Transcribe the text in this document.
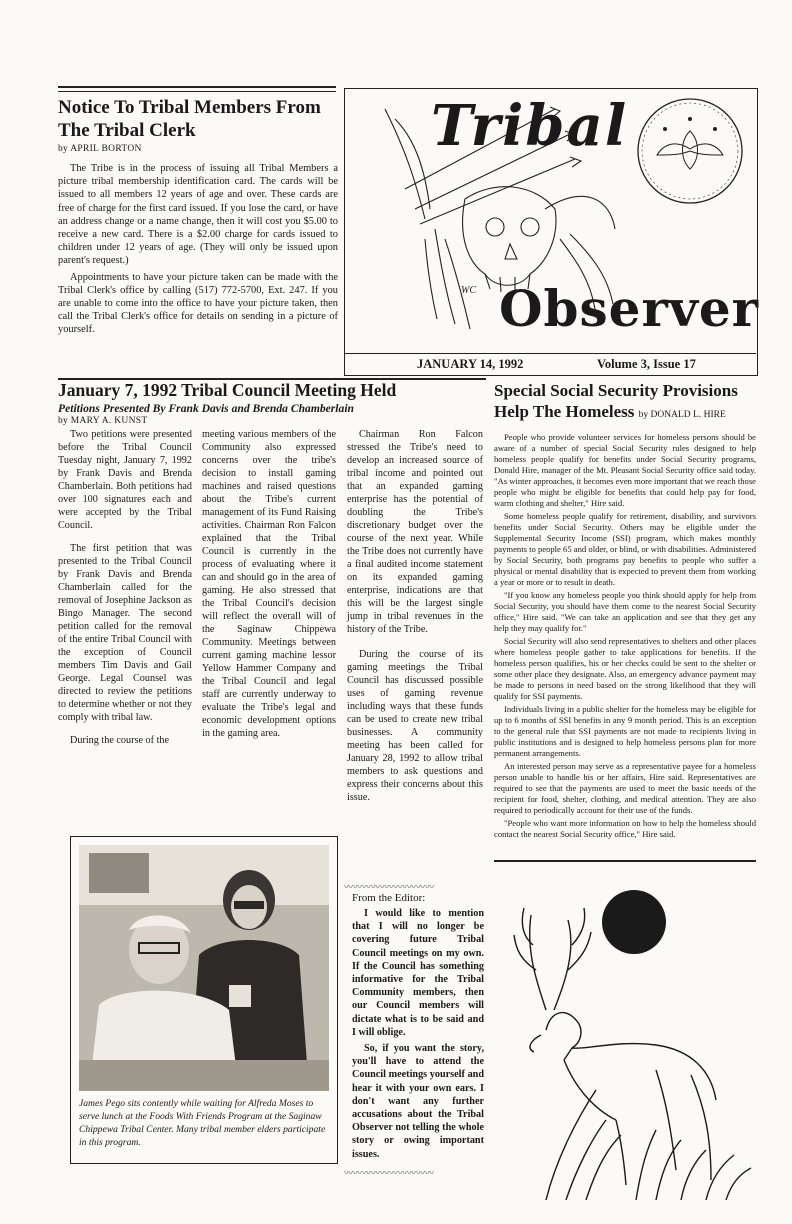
Notice To Tribal Members From The Tribal Clerk
by APRIL BORTON

The Tribe is in the process of issuing all Tribal Members a picture tribal membership identification card. The cards will be issued to all members 12 years of age and over. These cards are free of charge for the first card issued. If you lose the card, or have an address change or a name change, then it will cost you $5.00 to receive a new card. There is a $2.00 charge for cards issued to children under 12 years of age. (They will only be issued upon parent's request.)

Appointments to have your picture taken can be made with the Tribal Clerk's office by calling (517) 772-5700, Ext. 247. If you are unable to come into the office to have your picture taken, then call the Tribal Clerk's office for details on sending in a picture of yourself.

Tribal
Observer
WC
JANUARY 14, 1992	Volume 3, Issue 17
January 7, 1992 Tribal Council Meeting Held
Petitions Presented By Frank Davis and Brenda Chamberlain
by MARY A. KUNST

Two petitions were presented before the Tribal Council Tuesday night, January 7, 1992 by Frank Davis and Brenda Chamberlain. Both petitions had over 100 signatures each and were accepted by the Tribal Council.

The first petition that was presented to the Tribal Council by Frank Davis and Brenda Chamberlain called for the removal of Josephine Jackson as Bingo Manager. The second petition called for the removal of the entire Tribal Council with the exception of Council members Tim Davis and Gail George. Legal Counsel was directed to review the petitions to determine whether or not they comply with tribal law.

During the course of the

meeting various members of the Community also expressed concerns over the tribe's decision to install gaming machines and raised questions about the Tribe's current management of its Fund Raising activities. Chairman Ron Falcon explained that the Tribal Council is currently in the process of evaluating where it can and should go in the area of gaming. He also stressed that the Tribal Council's decision will reflect the overall will of the Saginaw Chippewa Community. Meetings between current gaming machine lessor Yellow Hammer Company and the Tribal Council and legal staff are currently underway to evaluate the Tribe's legal and economic development options in the gaming area.

Chairman Ron Falcon stressed the Tribe's need to develop an increased source of tribal income and pointed out that an expanded gaming enterprise has the potential of doubling the Tribe's discretionary budget over the course of the next year. While the Tribe does not currently have a final audited income statement on its expanded gaming enterprise, indications are that this will be the largest single jump in tribal revenues in the history of the Tribe.

During the course of its gaming meetings the Tribal Council has discussed possible uses of gaming revenue including ways that these funds can be used to create new tribal businesses. A community meeting has been called for January 28, 1992 to allow tribal members to ask questions and express their concerns about this issue.

James Pego sits contently while waiting for Alfreda Moses to serve lunch at the Foods With Friends Program at the Saginaw Chippewa Tribal Center. Many tribal member elders participate in this program.
〰〰〰〰〰〰〰〰〰〰
From the Editor:

I would like to mention that I will no longer be covering future Tribal Council meetings on my own. If the Council has something informative for the Tribal Community members, then our Council members will dictate what is to be said and I will oblige.

So, if you want the story, you'll have to attend the Council meetings yourself and hear it with your own ears. I don't want any further accusations about the Tribal Observer not telling the whole story or owing important issues.

〰〰〰〰〰〰〰〰〰〰
Special Social Security Provisions Help The Homeless by DONALD L. HIRE

People who provide volunteer services for homeless persons should be aware of a number of special Social Security rules designed to help homeless people qualify for benefits under Social Security programs, Donald Hire, manager of the Mt. Pleasant Social Security office said today. "As winter approaches, it becomes even more important that we reach those people who might be eligible for benefits that could help pay for food, warm clothing and shelter," Hire said.

Some homeless people qualify for retirement, disability, and survivors benefits under Social Security. Others may be eligible under the Supplemental Security Income (SSI) program, which makes monthly payments to people 65 and older, or blind, or with disabilities. Administered by Social Security, both programs pay benefits to people who suffer a physical or mental disability that is expected to prevent them from working a year or more or to result in death.

"If you know any homeless people you think should apply for help from Social Security, you should have them come to the nearest Social Security office," Hire said. "We can take an application and see that they get any help they may qualify for."

Social Security will also send representatives to shelters and other places where homeless people gather to take applications for benefits. If the homeless person qualifies, his or her checks could be sent to the shelter or some other place they designate. Also, an emergency advance payment may be made to persons in need based on the strong likelihood that they will qualify for SSI payments.

Individuals living in a public shelter for the homeless may be eligible for up to 6 months of SSI benefits in any 9 month period. This is an exception to the general rule that SSI payments are not made to recipients living in public institutions and is designed to help homeless persons plan for more permanent arrangements.

An interested person may serve as a representative payee for a homeless person unable to handle his or her affairs, Hire said. Representatives are required to see that the payments are used to meet the basic needs of the recipient for food, shelter, clothing, and medical attention. They are also required to periodically account for their use of the funds.

"People who want more information on how to help the homeless should contact the nearest Social Security office," Hire said.
